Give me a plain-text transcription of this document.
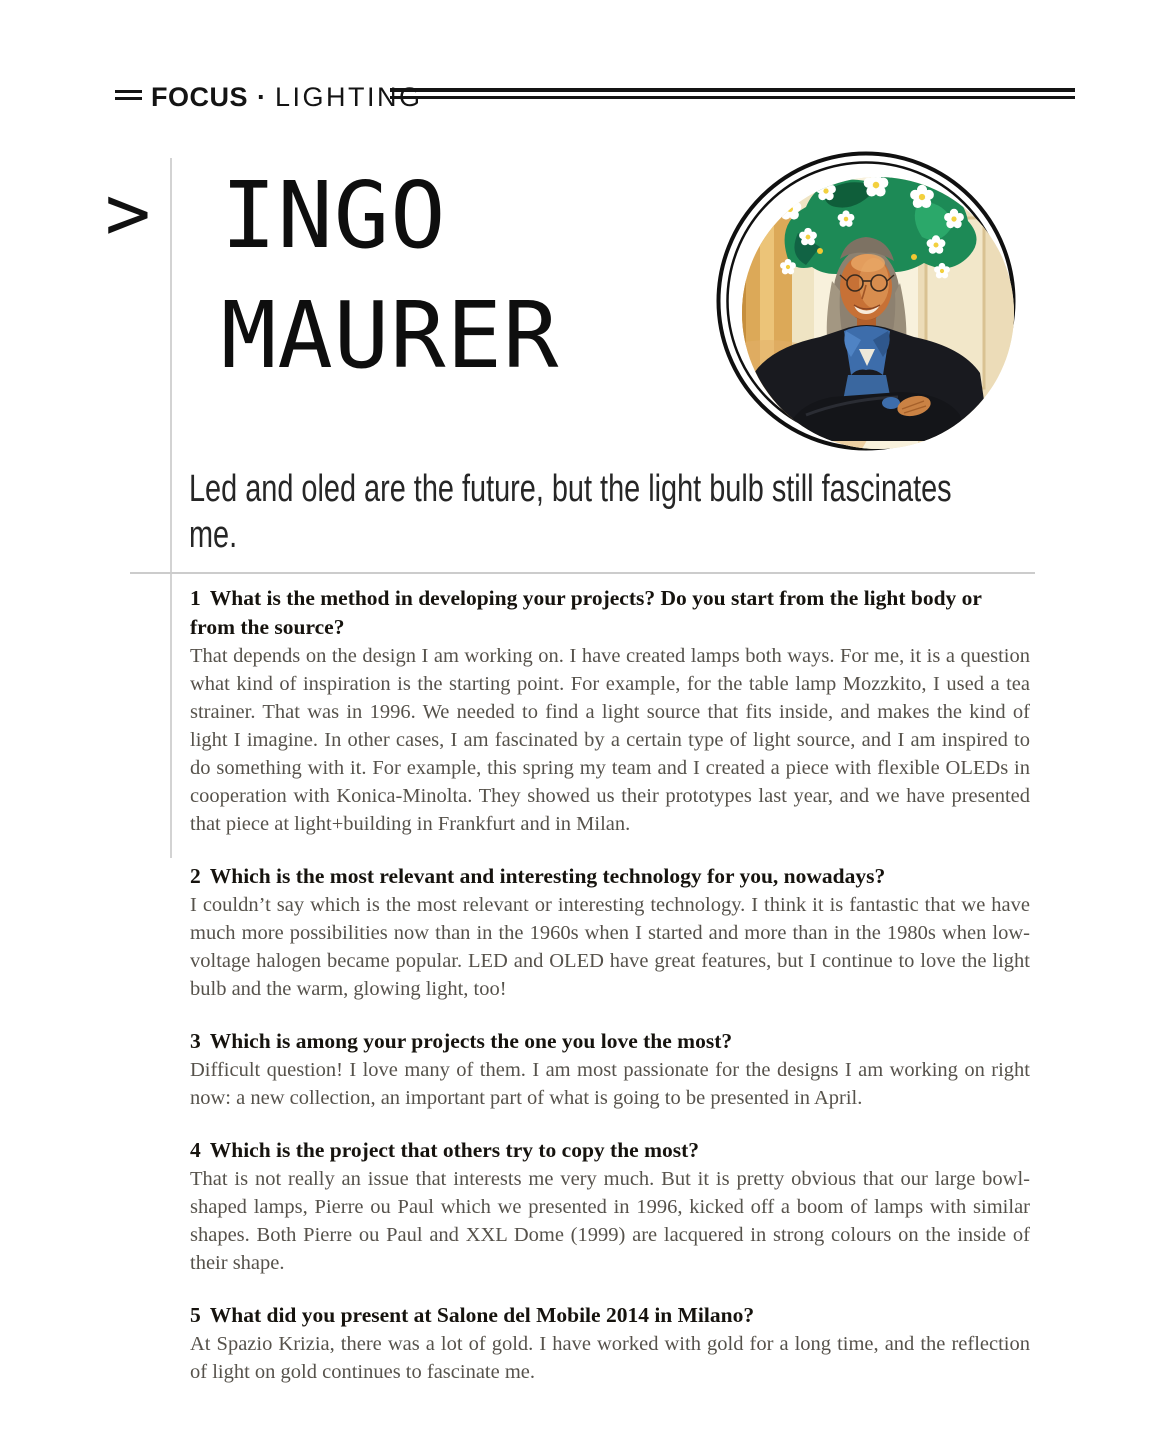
FOCUS · LIGHTING
> INGO
MAURER

Led and oled are the future, but the light bulb still fascinates me.

1 What is the method in developing your projects? Do you start from the light body or from the source?

That depends on the design I am working on. I have created lamps both ways. For me, it is a question what kind of inspiration is the starting point. For example, for the table lamp Mozzkito, I used a tea strainer. That was in 1996. We needed to find a light source that fits inside, and makes the kind of light I imagine. In other cases, I am fascinated by a certain type of light source, and I am inspired to do something with it. For example, this spring my team and I created a piece with flexible OLEDs in cooperation with Konica-Minolta. They showed us their prototypes last year, and we have presented that piece at light+building in Frankfurt and in Milan.

2 Which is the most relevant and interesting technology for you, nowadays?

I couldn’t say which is the most relevant or interesting technology. I think it is fantastic that we have much more possibilities now than in the 1960s when I started and more than in the 1980s when low-voltage halogen became popular. LED and OLED have great features, but I continue to love the light bulb and the warm, glowing light, too!

3 Which is among your projects the one you love the most?

Difficult question! I love many of them. I am most passionate for the designs I am working on right now: a new collection, an important part of what is going to be presented in April.

4 Which is the project that others try to copy the most?

That is not really an issue that interests me very much. But it is pretty obvious that our large bowl-shaped lamps, Pierre ou Paul which we presented in 1996, kicked off a boom of lamps with similar shapes. Both Pierre ou Paul and XXL Dome (1999) are lacquered in strong colours on the inside of their shape.

5 What did you present at Salone del Mobile 2014 in Milano?

At Spazio Krizia, there was a lot of gold. I have worked with gold for a long time, and the reflection of light on gold continues to fascinate me.
